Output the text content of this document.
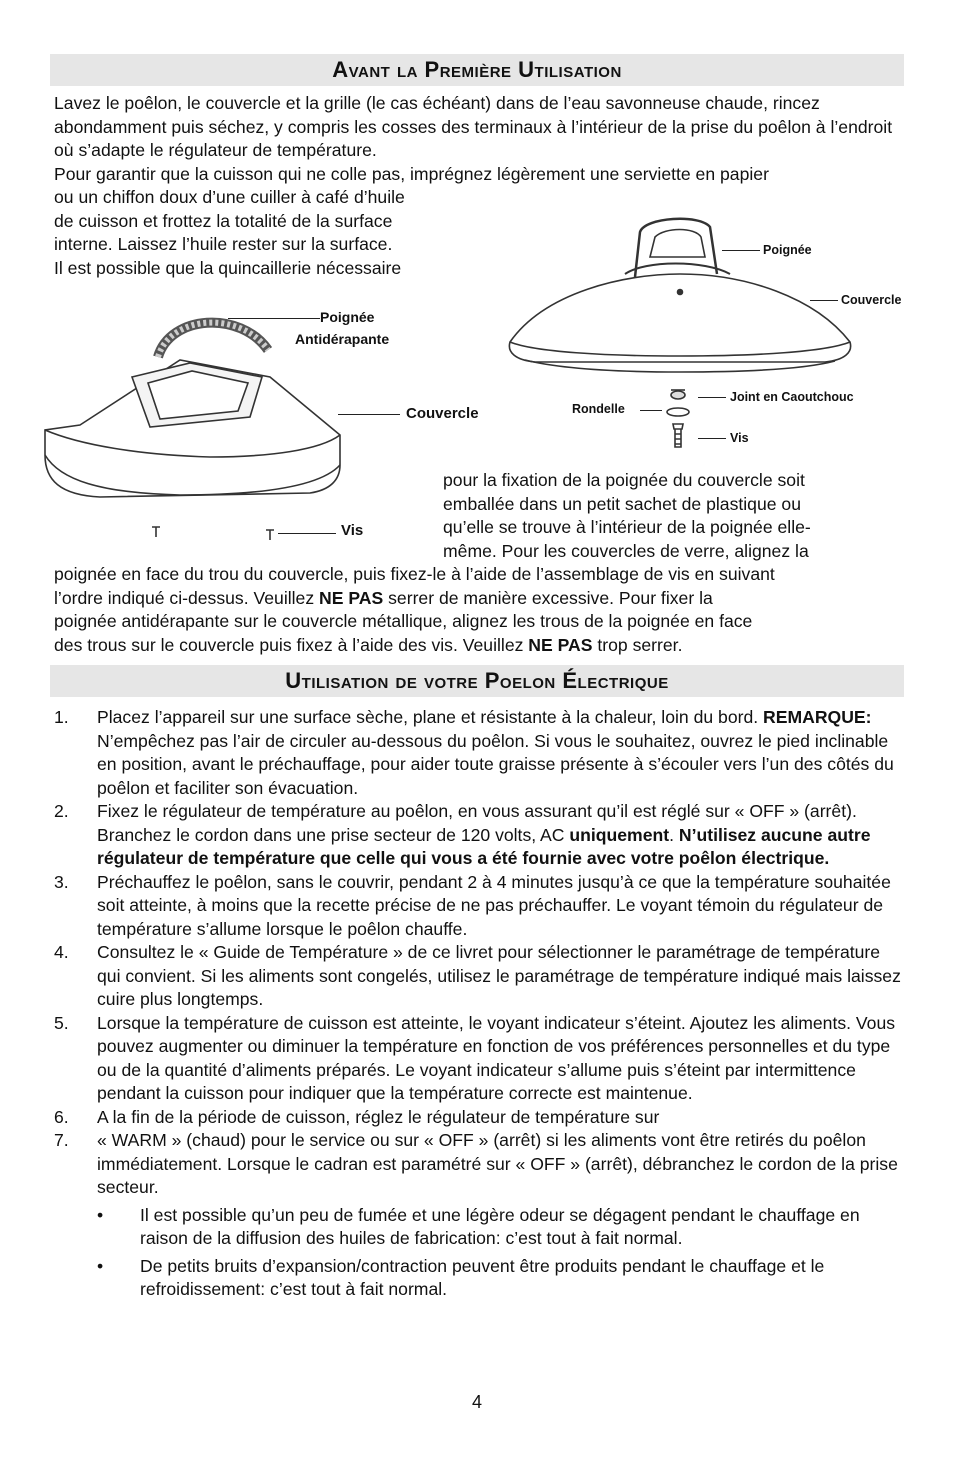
Avant la Première Utilisation

Lavez le poêlon, le couvercle et la grille (le cas échéant) dans de l’eau savonneuse chaude, rincez abondamment puis séchez, y compris les cosses des terminaux à l’intérieur de la prise du poêlon à l’endroit où s’adapte le régulateur de température.

Pour garantir que la cuisson qui ne colle pas, imprégnez légèrement une serviette en papier

ou un chiffon doux d’une cuiller à café d’huile

de cuisson et frottez la totalité de la surface

interne. Laissez l’huile rester sur la surface.

Il est possible que la quincaillerie nécessaire

Poignée
Antidérapante
Couvercle
Vis
Poignée
Couvercle
Joint en Caoutchouc
Rondelle
Vis

pour la fixation de la poignée du couvercle soit

emballée dans un petit sachet de plastique ou

qu’elle se trouve à l’intérieur de la poignée elle-

même. Pour les couvercles de verre, alignez la

poignée en face du trou du couvercle, puis fixez-le à l’aide de l’assemblage de vis en suivant

l’ordre indiqué ci-dessus. Veuillez NE PAS serrer de manière excessive. Pour fixer la

poignée antidérapante sur le couvercle métallique, alignez les trous de la poignée en face

des trous sur le couvercle puis fixez à l’aide des vis. Veuillez NE PAS trop serrer.

Utilisation de votre Poelon Électrique
1.	Placez l’appareil sur une surface sèche, plane et résistante à la chaleur, loin du bord. REMARQUE: N’empêchez pas l’air de circuler au-dessous du poêlon. Si vous le souhaitez, ouvrez le pied inclinable en position, avant le préchauffage, pour aider toute graisse présente à s’écouler vers l’un des côtés du poêlon et faciliter son évacuation.
2.	Fixez le régulateur de température au poêlon, en vous assurant qu’il est réglé sur « OFF » (arrêt). Branchez le cordon dans une prise secteur de 120 volts, AC uniquement. N’utilisez aucune autre régulateur de température que celle qui vous a été fournie avec votre poêlon électrique.
3.	Préchauffez le poêlon, sans le couvrir, pendant 2 à 4 minutes jusqu’à ce que la température souhaitée soit atteinte, à moins que la recette précise de ne pas préchauffer. Le voyant témoin du régulateur de température s’allume lorsque le poêlon chauffe.
4.	Consultez le « Guide de Température » de ce livret pour sélectionner le paramétrage de température qui convient. Si les aliments sont congelés, utilisez le paramétrage de température indiqué mais laissez cuire plus longtemps.
5.	Lorsque la température de cuisson est atteinte, le voyant indicateur s’éteint. Ajoutez les aliments. Vous pouvez augmenter ou diminuer la température en fonction de vos préférences personnelles et du type ou de la quantité d’aliments préparés. Le voyant indicateur s’allume puis s’éteint par intermittence pendant la cuisson pour indiquer que la température correcte est maintenue.
6.	A la fin de la période de cuisson, réglez le régulateur de température sur
7.	« WARM » (chaud) pour le service ou sur « OFF » (arrêt) si les aliments vont être retirés du poêlon immédiatement. Lorsque le cadran est paramétré sur « OFF » (arrêt), débranchez le cordon de la prise secteur.
•	Il est possible qu’un peu de fumée et une légère odeur se dégagent pendant le chauffage en raison de la diffusion des huiles de fabrication: c’est tout à fait normal.
•	De petits bruits d’expansion/contraction peuvent être produits pendant le chauffage et le refroidissement: c’est tout à fait normal.
4
